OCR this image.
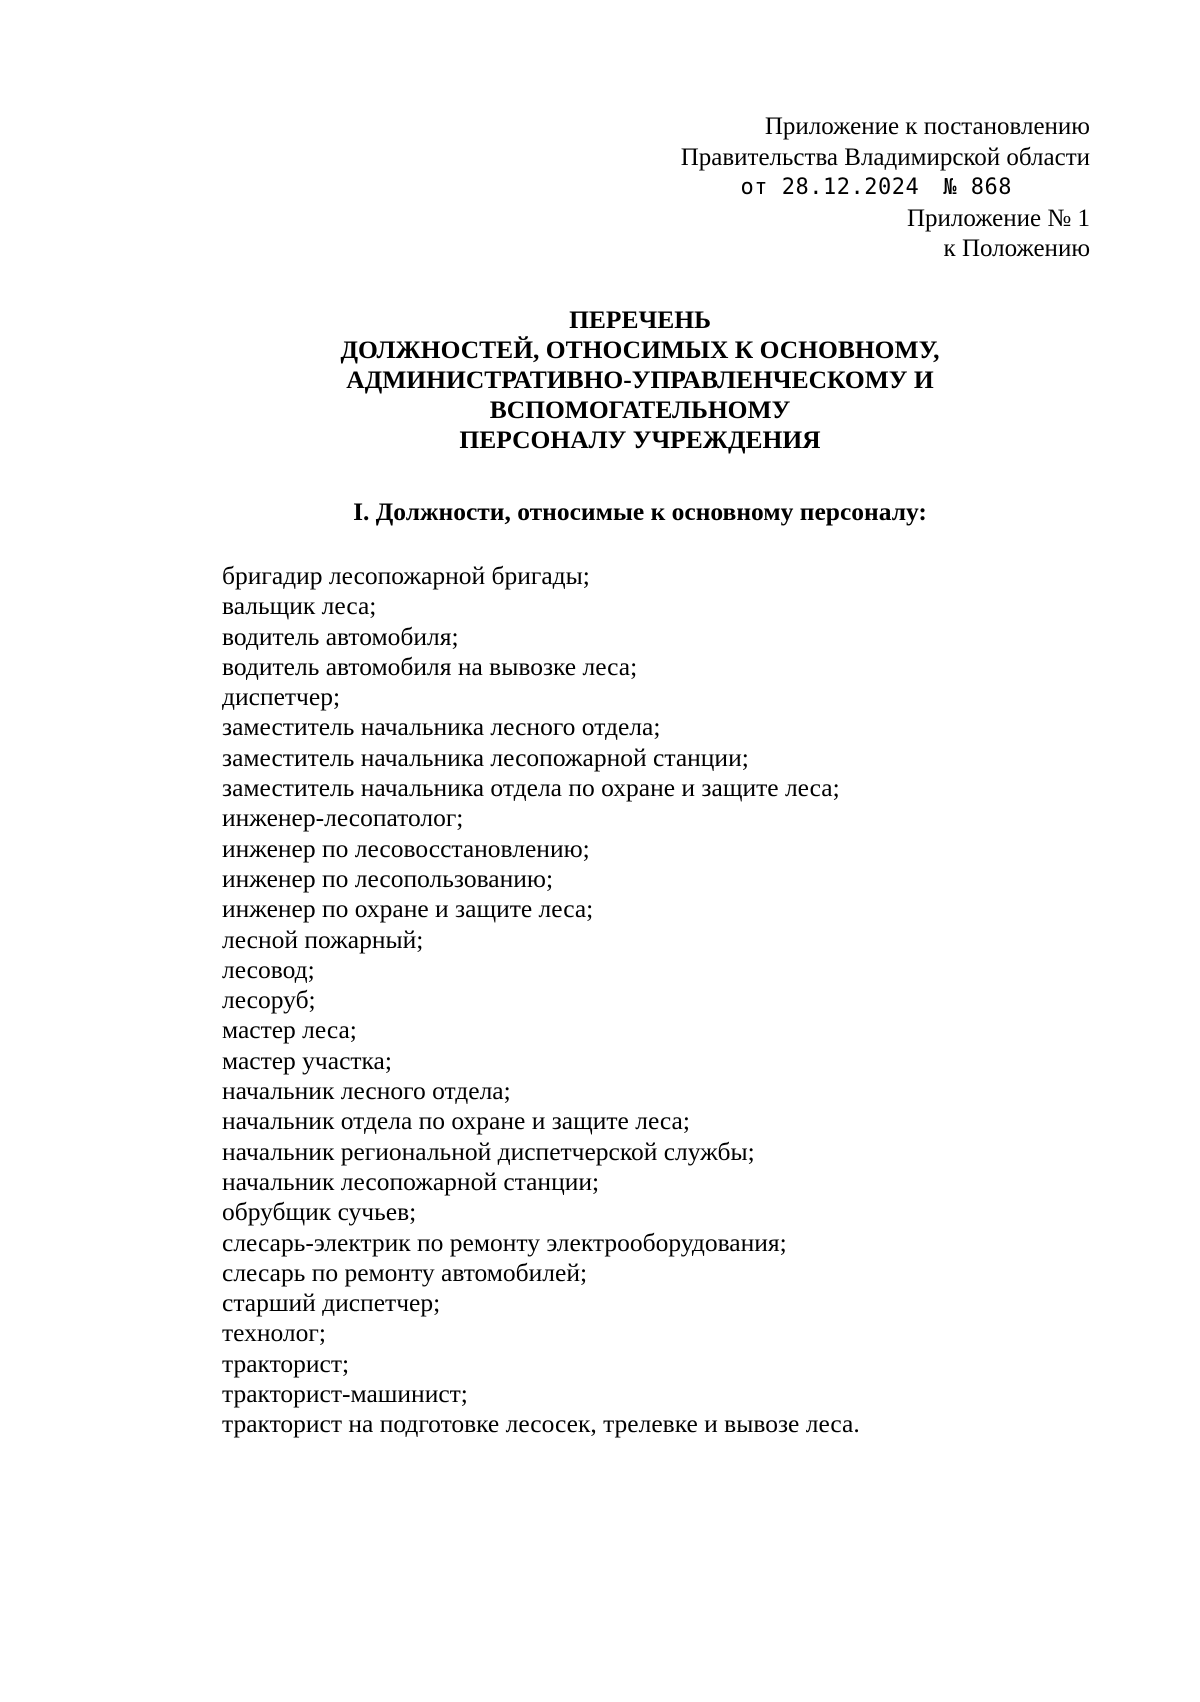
Приложение к постановлению
Правительства Владимирской области
от 28.12.2024 № 868
Приложение № 1
к Положению
ПЕРЕЧЕНЬ
ДОЛЖНОСТЕЙ, ОТНОСИМЫХ К ОСНОВНОМУ,
АДМИНИСТРАТИВНО-УПРАВЛЕНЧЕСКОМУ И
ВСПОМОГАТЕЛЬНОМУ
ПЕРСОНАЛУ УЧРЕЖДЕНИЯ
I. Должности, относимые к основному персоналу:
бригадир лесопожарной бригады;
вальщик леса;
водитель автомобиля;
водитель автомобиля на вывозке леса;
диспетчер;
заместитель начальника лесного отдела;
заместитель начальника лесопожарной станции;
заместитель начальника отдела по охране и защите леса;
инженер-лесопатолог;
инженер по лесовосстановлению;
инженер по лесопользованию;
инженер по охране и защите леса;
лесной пожарный;
лесовод;
лесоруб;
мастер леса;
мастер участка;
начальник лесного отдела;
начальник отдела по охране и защите леса;
начальник региональной диспетчерской службы;
начальник лесопожарной станции;
обрубщик сучьев;
слесарь-электрик по ремонту электрооборудования;
слесарь по ремонту автомобилей;
старший диспетчер;
технолог;
тракторист;
тракторист-машинист;
тракторист на подготовке лесосек, трелевке и вывозе леса.
